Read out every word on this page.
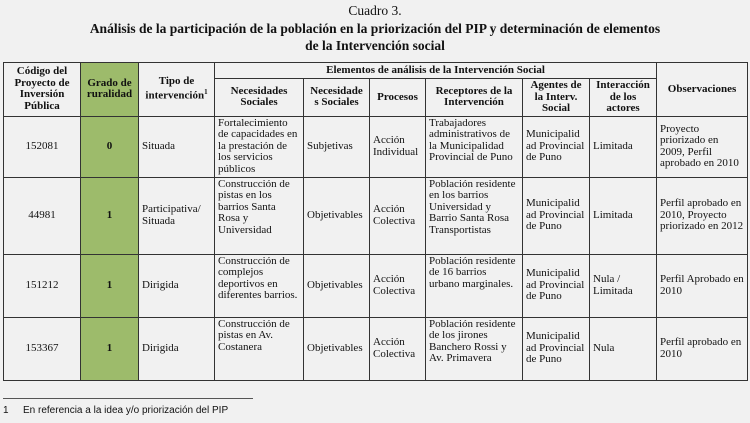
Cuadro 3.
Análisis de la participación de la población en la priorización del PIP y determinación de elementos
de la Intervención social
Código del Proyecto de Inversión Pública	Grado de ruralidad	Tipo de intervención$^1$	Elementos de análisis de la Intervención Social						Observaciones
			Necesidades Sociales	Necesidade s Sociales	Procesos	Receptores de la Intervención	Agentes de la Interv. Social	Interacción de los actores	
152081	0	Situada	Fortalecimiento de capacidades en la prestación de los servicios públicos	Subjetivas	Acción Individual	Trabajadores administrativos de la Municipalidad Provincial de Puno	Municipalid ad Provincial de Puno	Limitada	Proyecto priorizado en 2009, Perfil aprobado en 2010
44981	1	Participativa/ Situada	Construcción de pistas en los barrios Santa Rosa y Universidad	Objetivables	Acción Colectiva	Población residente en los barrios Universidad y Barrio Santa Rosa Transportistas	Municipalid ad Provincial de Puno	Limitada	Perfil aprobado en 2010, Proyecto priorizado en 2012
151212	1	Dirigida	Construcción de complejos deportivos en diferentes barrios.	Objetivables	Acción Colectiva	Población residente de 16 barrios urbano marginales.	Municipalid ad Provincial de Puno	Nula / Limitada	Perfil Aprobado en 2010
153367	1	Dirigida	Construcción de pistas en Av. Costanera	Objetivables	Acción Colectiva	Población residente de los jirones Banchero Rossi y Av. Primavera	Municipalid ad Provincial de Puno	Nula	Perfil aprobado en 2010
1 En referencia a la idea y/o priorización del PIP
